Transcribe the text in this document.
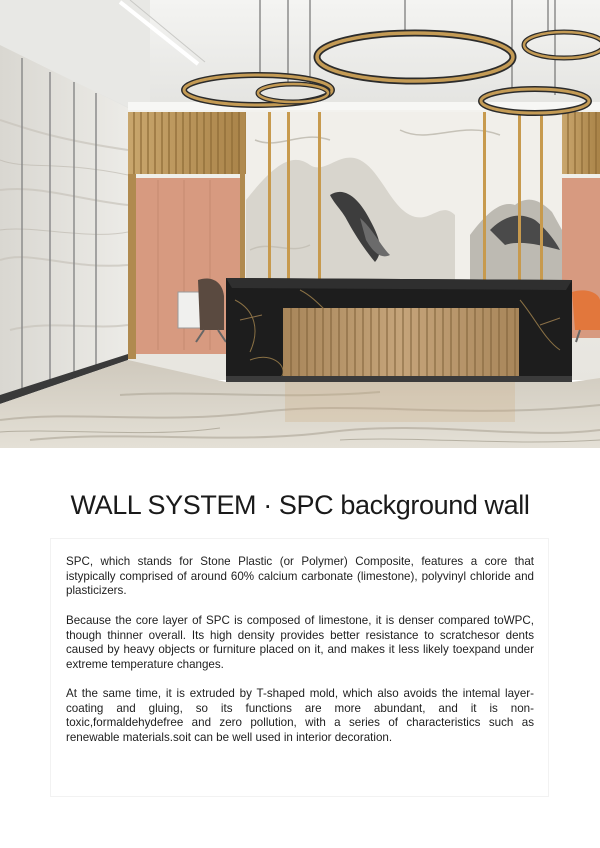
WALL SYSTEM · SPC background wall

SPC, which stands for Stone Plastic (or Polymer) Composite, features a core that istypically comprised of around 60% calcium carbonate (limestone), polyvinyl chloride and plasticizers.

Because the core layer of SPC is composed of limestone, it is denser compared toWPC, though thinner overall. Its high density provides better resistance to scratchesor dents caused by heavy objects or furniture placed on it, and makes it less likely toexpand under extreme temperature changes.

At the same time, it is extruded by T-shaped mold, which also avoids the intemal layer-coating and gluing, so its functions are more abundant, and it is non-toxic,formaldehydefree and zero pollution, with a series of characteristics such as renewable materials.soit can be well used in interior decoration.
